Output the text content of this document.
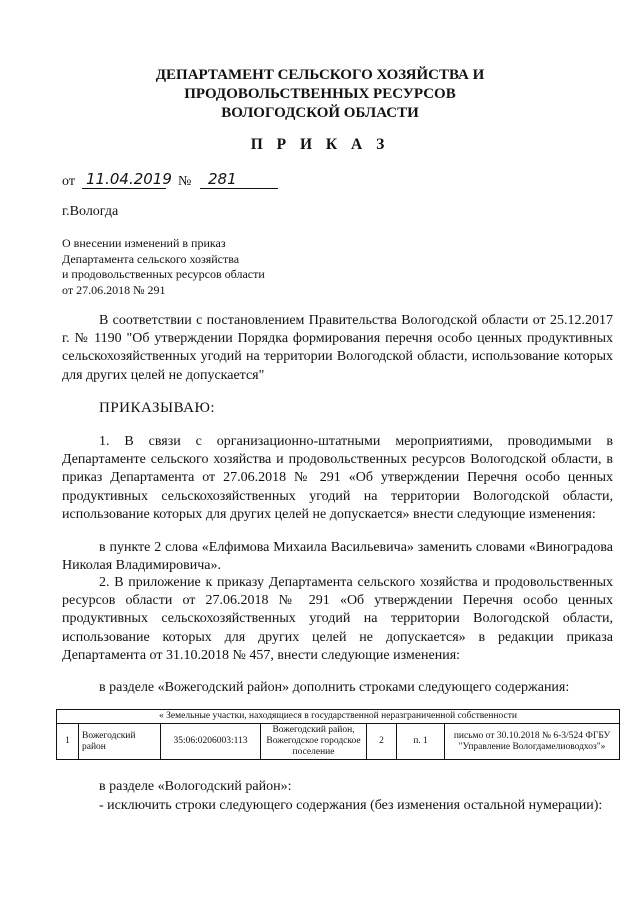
ДЕПАРТАМЕНТ СЕЛЬСКОГО ХОЗЯЙСТВА И
ПРОДОВОЛЬСТВЕННЫХ РЕСУРСОВ
ВОЛОГОДСКОЙ ОБЛАСТИ
П Р И К А З
от 11.04.2019 № 281
г.Вологда
О внесении изменений в приказ
Департамента сельского хозяйства
и продовольственных ресурсов области
от 27.06.2018 № 291

В соответствии с постановлением Правительства Вологодской области от 25.12.2017 г. № 1190 "Об утверждении Порядка формирования перечня особо ценных продуктивных сельскохозяйственных угодий на территории Вологодской области, использование которых для других целей не допускается"

ПРИКАЗЫВАЮ:

1. В связи с организационно-штатными мероприятиями, проводимыми в Департаменте сельского хозяйства и продовольственных ресурсов Вологодской области, в приказ Департамента от 27.06.2018 № 291 «Об утверждении Перечня особо ценных продуктивных сельскохозяйственных угодий на территории Вологодской области, использование которых для других целей не допускается» внести следующие изменения:

в пункте 2 слова «Елфимова Михаила Васильевича» заменить словами «Виноградова Николая Владимировича».

2. В приложение к приказу Департамента сельского хозяйства и продовольственных ресурсов области от 27.06.2018 № 291 «Об утверждении Перечня особо ценных продуктивных сельскохозяйственных угодий на территории Вологодской области, использование которых для других целей не допускается» в редакции приказа Департамента от 31.10.2018 № 457, внести следующие изменения:

в разделе «Вожегодский район» дополнить строками следующего содержания:
« Земельные участки, находящиеся в государственной неразграниченной собственности
1	Вожегодский район	35:06:0206003:113	Вожегодский район, Вожегодское городское поселение	2	п. 1	письмо от 30.10.2018 № 6-3/524 ФГБУ "Управление Вологдамелиоводхоз"»
в разделе «Вологодский район»:

- исключить строки следующего содержания (без изменения остальной нумерации):
